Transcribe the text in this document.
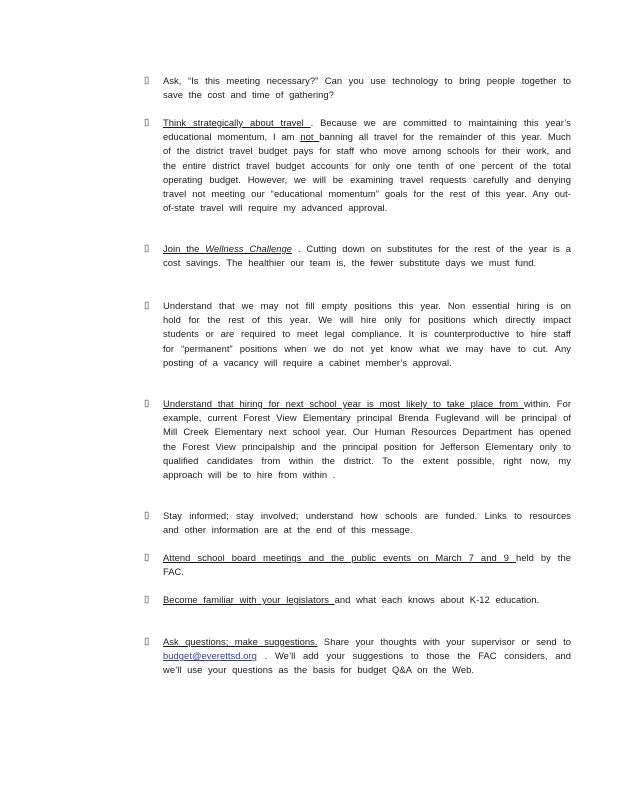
▯ Ask, “Is this meeting necessary?” Can you use technology to bring people together to save the cost and time of gathering?
▯ Think strategically about travel . Because we are committed to maintaining this year’s educational momentum, I am not banning all travel for the remainder of this year. Much of the district travel budget pays for staff who move among schools for their work, and the entire district travel budget accounts for only one tenth of one percent of the total operating budget. However, we will be examining travel requests carefully and denying travel not meeting our “educational momentum” goals for the rest of this year. Any out-of-state travel will require my advanced approval.
▯ Join the Wellness Challenge . Cutting down on substitutes for the rest of the year is a cost savings. The healthier our team is, the fewer substitute days we must fund.
▯ Understand that we may not fill empty positions this year. Non essential hiring is on hold for the rest of this year. We will hire only for positions which directly impact students or are required to meet legal compliance. It is counterproductive to hire staff for “permanent” positions when we do not yet know what we may have to cut. Any posting of a vacancy will require a cabinet member’s approval.
▯ Understand that hiring for next school year is most likely to take place from within. For example, current Forest View Elementary principal Brenda Fuglevand will be principal of Mill Creek Elementary next school year. Our Human Resources Department has opened the Forest View principalship and the principal position for Jefferson Elementary only to qualified candidates from within the district. To the extent possible, right now, my approach will be to hire from within .
▯ Stay informed; stay involved; understand how schools are funded. Links to resources and other information are at the end of this message.
▯ Attend school board meetings and the public events on March 7 and 9 held by the FAC.
▯ Become familiar with your legislators and what each knows about K-12 education.
▯ Ask questions; make suggestions. Share your thoughts with your supervisor or send to budget@everettsd.org . We’ll add your suggestions to those the FAC considers, and we’ll use your questions as the basis for budget Q&A on the Web.
